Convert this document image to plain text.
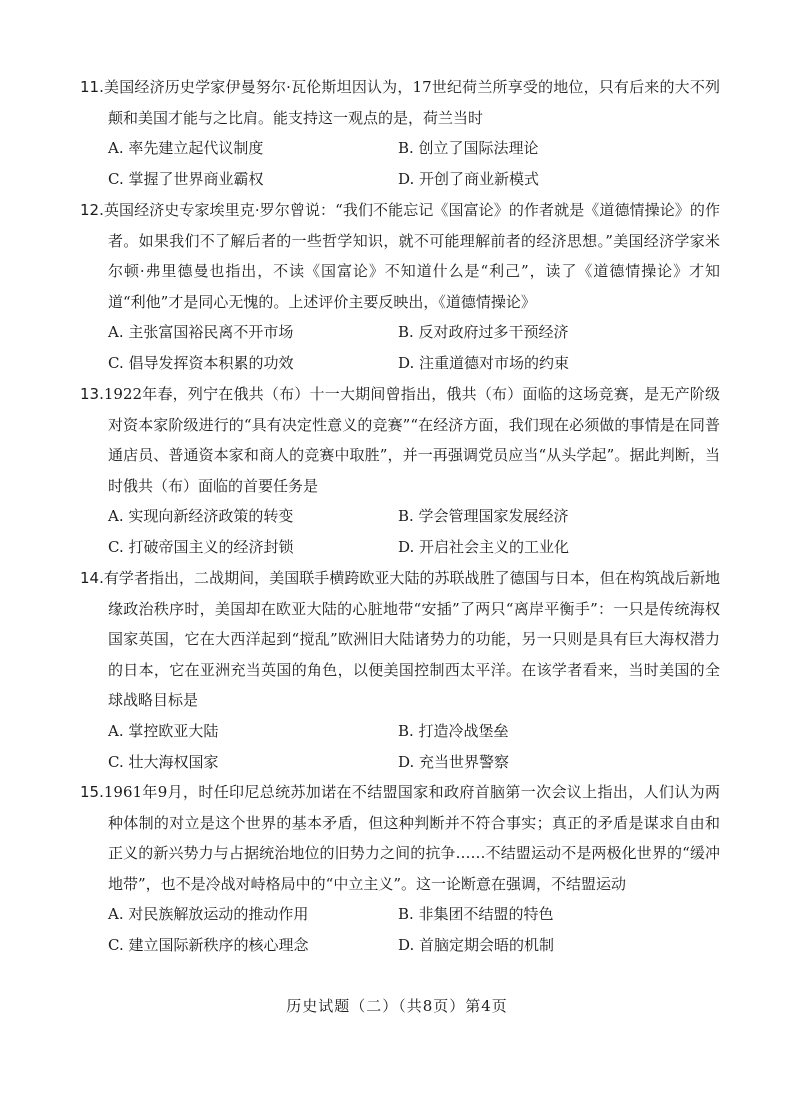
11.美国经济历史学家伊曼努尔·瓦伦斯坦因认为，17世纪荷兰所享受的地位，只有后来的大不列颠和美国才能与之比肩。能支持这一观点的是，荷兰当时

A. 率先建立起代议制度	B. 创立了国际法理论
C. 掌握了世界商业霸权	D. 开创了商业新模式

12.英国经济史专家埃里克·罗尔曾说：“我们不能忘记《国富论》的作者就是《道德情操论》的作者。如果我们不了解后者的一些哲学知识，就不可能理解前者的经济思想。”美国经济学家米尔顿·弗里德曼也指出，不读《国富论》不知道什么是“利己”，读了《道德情操论》才知道“利他”才是同心无愧的。上述评价主要反映出，《道德情操论》

A. 主张富国裕民离不开市场	B. 反对政府过多干预经济
C. 倡导发挥资本积累的功效	D. 注重道德对市场的约束

13.1922年春，列宁在俄共（布）十一大期间曾指出，俄共（布）面临的这场竞赛，是无产阶级对资本家阶级进行的“具有决定性意义的竞赛”“在经济方面，我们现在必须做的事情是在同普通店员、普通资本家和商人的竞赛中取胜”，并一再强调党员应当“从头学起”。据此判断，当时俄共（布）面临的首要任务是

A. 实现向新经济政策的转变	B. 学会管理国家发展经济
C. 打破帝国主义的经济封锁	D. 开启社会主义的工业化

14.有学者指出，二战期间，美国联手横跨欧亚大陆的苏联战胜了德国与日本，但在构筑战后新地缘政治秩序时，美国却在欧亚大陆的心脏地带“安插”了两只“离岸平衡手”：一只是传统海权国家英国，它在大西洋起到“搅乱”欧洲旧大陆诸势力的功能，另一只则是具有巨大海权潜力的日本，它在亚洲充当英国的角色，以便美国控制西太平洋。在该学者看来，当时美国的全球战略目标是

A. 掌控欧亚大陆	B. 打造冷战堡垒
C. 壮大海权国家	D. 充当世界警察

15.1961年9月，时任印尼总统苏加诺在不结盟国家和政府首脑第一次会议上指出，人们认为两种体制的对立是这个世界的基本矛盾，但这种判断并不符合事实；真正的矛盾是谋求自由和正义的新兴势力与占据统治地位的旧势力之间的抗争……不结盟运动不是两极化世界的“缓冲地带”，也不是冷战对峙格局中的“中立主义”。这一论断意在强调，不结盟运动

A. 对民族解放运动的推动作用	B. 非集团不结盟的特色
C. 建立国际新秩序的核心理念	D. 首脑定期会晤的机制
历史试题（二）（共8页）第4页
